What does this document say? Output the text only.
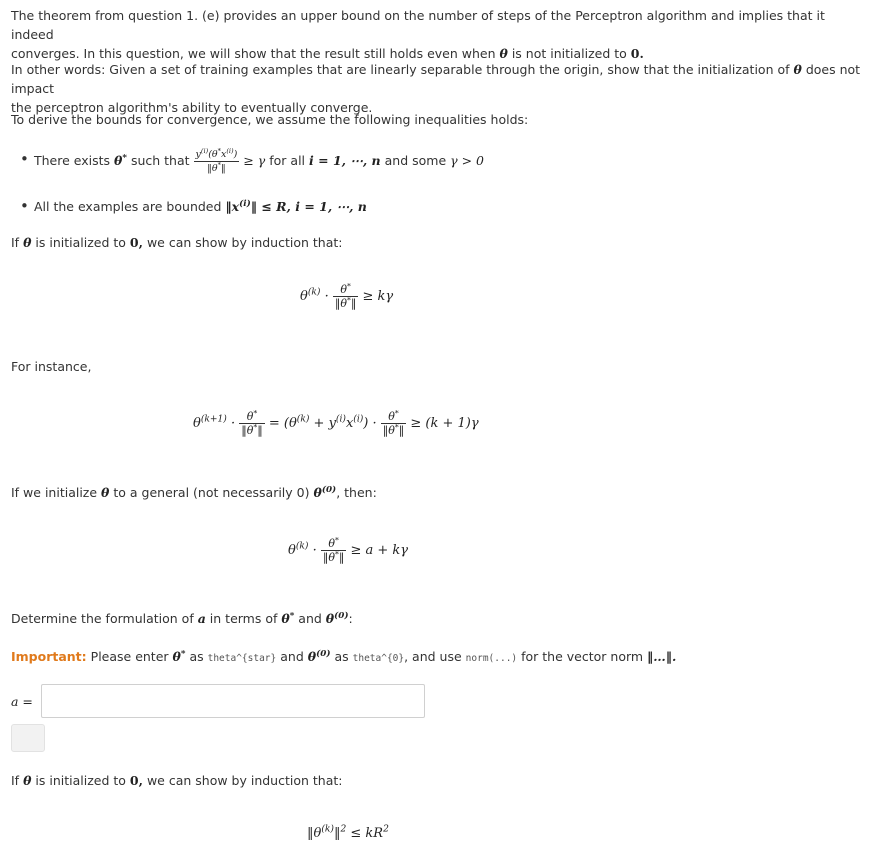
The theorem from question 1. (e) provides an upper bound on the number of steps of the Perceptron algorithm and implies that it indeed
converges. In this question, we will show that the result still holds even when θ is not initialized to 0.

In other words: Given a set of training examples that are linearly separable through the origin, show that the initialization of θ does not impact
the perceptron algorithm's ability to eventually converge.

To derive the bounds for convergence, we assume the following inequalities holds:

• There exists θ* such that $\frac{y^{(i)}(\theta^*x^{(i)})}{‖\theta^*‖} \ge \gamma$ for all i = 1, ⋯, n and some γ > 0
• All the examples are bounded $‖x^{(i)}‖ \le R$, i = 1, ⋯, n

If θ is initialized to 0, we can show by induction that:

$\theta^{(k)} \cdot \frac{\theta^*}{‖\theta^*‖} \ge k\gamma$

For instance,

$\theta^{(k+1)} \cdot \frac{\theta^*}{‖\theta^*‖} = (\theta^{(k)} + y^{(i)}x^{(i)}) \cdot \frac{\theta^*}{‖\theta^*‖} \ge (k + 1)\gamma$

If we initialize θ to a general (not necessarily 0) $\theta^{(0)}$, then:

$\theta^{(k)} \cdot \frac{\theta^*}{‖\theta^*‖} \ge a + k\gamma$

Determine the formulation of a in terms of θ* and $\theta^{(0)}$:

Important: Please enter θ* as theta^{star} and $\theta^{(0)}$ as theta^{0}, and use norm(...) for the vector norm ‖…‖.

a =

If θ is initialized to 0, we can show by induction that:

$‖\theta^{(k)}‖^2 \le kR^2$
